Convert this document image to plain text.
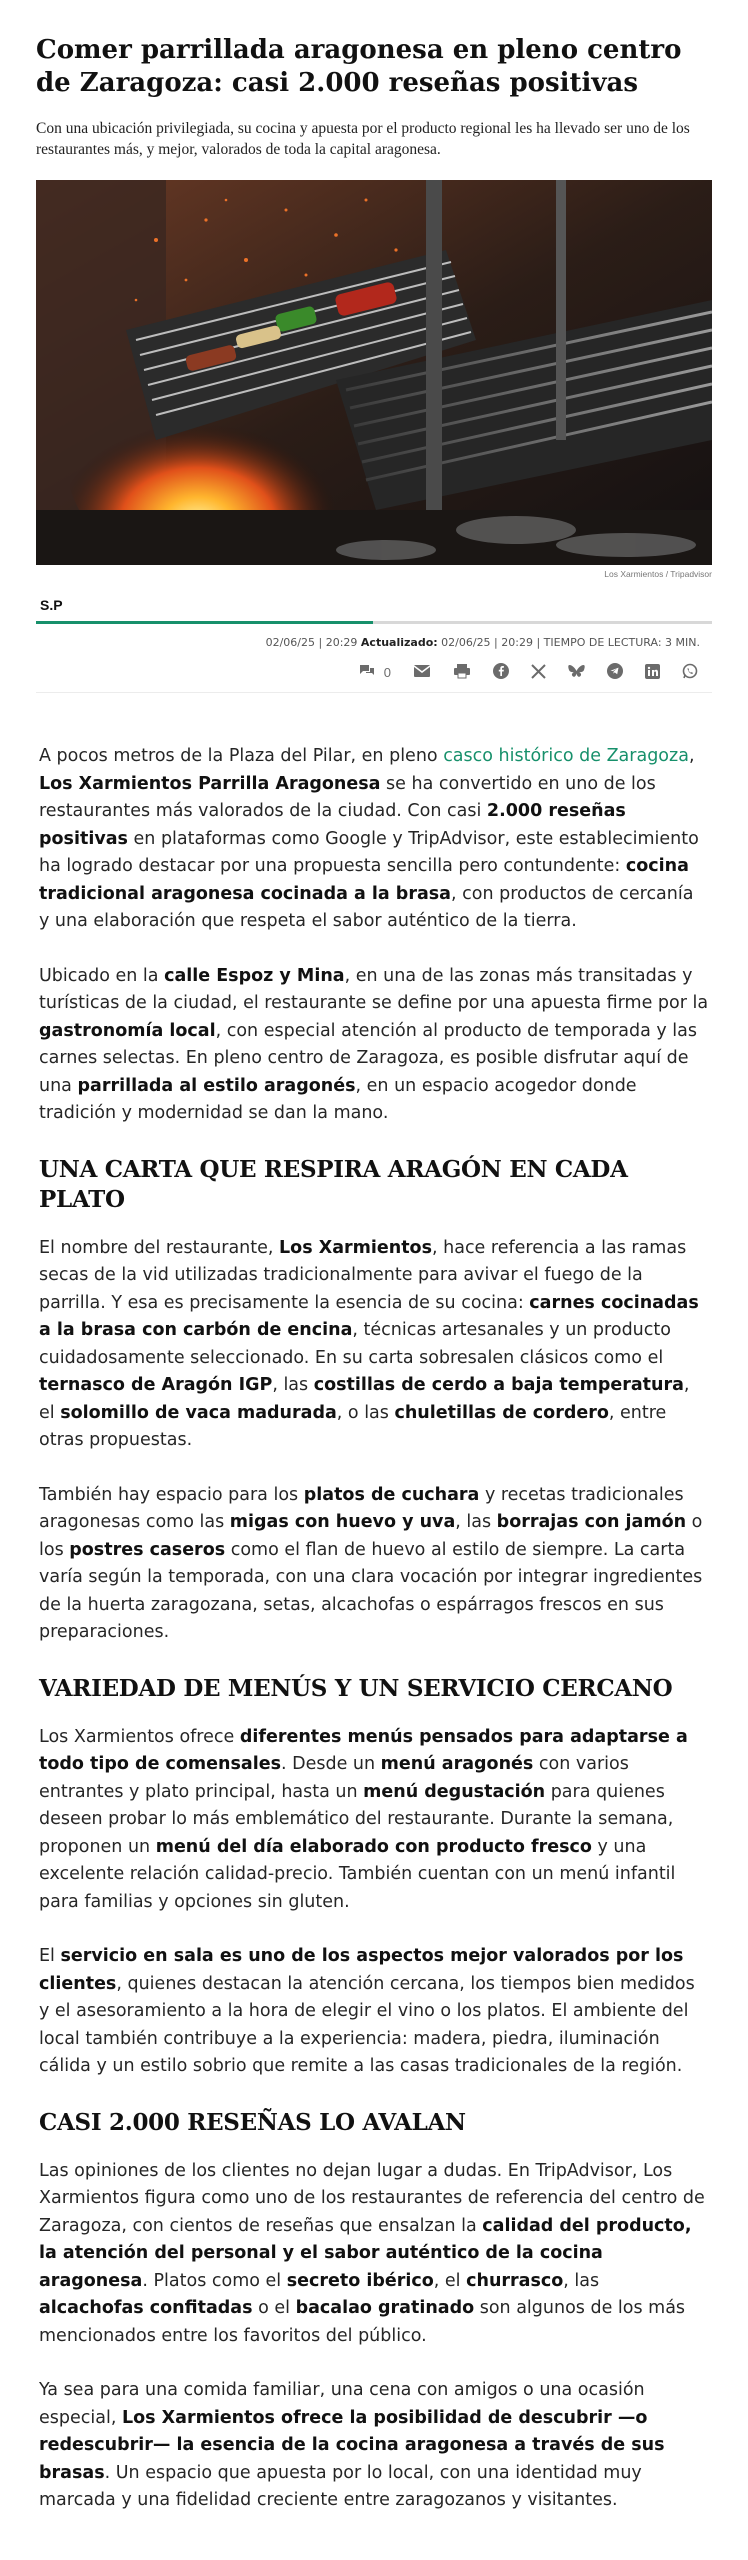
Comer parrillada aragonesa en pleno centro de Zaragoza: casi 2.000 reseñas positivas

Con una ubicación privilegiada, su cocina y apuesta por el producto regional les ha llevado ser uno de los restaurantes más, y mejor, valorados de toda la capital aragonesa.

Los Xarmientos / Tripadvisor
S.P
02/06/25 | 20:29 Actualizado: 02/06/25 | 20:29 | TIEMPO DE LECTURA: 3 MIN.
0

A pocos metros de la Plaza del Pilar, en pleno casco histórico de Zaragoza, Los Xarmientos Parrilla Aragonesa se ha convertido en uno de los restaurantes más valorados de la ciudad. Con casi 2.000 reseñas positivas en plataformas como Google y TripAdvisor, este establecimiento ha logrado destacar por una propuesta sencilla pero contundente: cocina tradicional aragonesa cocinada a la brasa, con productos de cercanía y una elaboración que respeta el sabor auténtico de la tierra.

Ubicado en la calle Espoz y Mina, en una de las zonas más transitadas y turísticas de la ciudad, el restaurante se define por una apuesta firme por la gastronomía local, con especial atención al producto de temporada y las carnes selectas. En pleno centro de Zaragoza, es posible disfrutar aquí de una parrillada al estilo aragonés, en un espacio acogedor donde tradición y modernidad se dan la mano.

UNA CARTA QUE RESPIRA ARAGÓN EN CADA PLATO

El nombre del restaurante, Los Xarmientos, hace referencia a las ramas secas de la vid utilizadas tradicionalmente para avivar el fuego de la parrilla. Y esa es precisamente la esencia de su cocina: carnes cocinadas a la brasa con carbón de encina, técnicas artesanales y un producto cuidadosamente seleccionado. En su carta sobresalen clásicos como el ternasco de Aragón IGP, las costillas de cerdo a baja temperatura, el solomillo de vaca madurada, o las chuletillas de cordero, entre otras propuestas.

También hay espacio para los platos de cuchara y recetas tradicionales aragonesas como las migas con huevo y uva, las borrajas con jamón o los postres caseros como el flan de huevo al estilo de siempre. La carta varía según la temporada, con una clara vocación por integrar ingredientes de la huerta zaragozana, setas, alcachofas o espárragos frescos en sus preparaciones.

VARIEDAD DE MENÚS Y UN SERVICIO CERCANO

Los Xarmientos ofrece diferentes menús pensados para adaptarse a todo tipo de comensales. Desde un menú aragonés con varios entrantes y plato principal, hasta un menú degustación para quienes deseen probar lo más emblemático del restaurante. Durante la semana, proponen un menú del día elaborado con producto fresco y una excelente relación calidad-precio. También cuentan con un menú infantil para familias y opciones sin gluten.

El servicio en sala es uno de los aspectos mejor valorados por los clientes, quienes destacan la atención cercana, los tiempos bien medidos y el asesoramiento a la hora de elegir el vino o los platos. El ambiente del local también contribuye a la experiencia: madera, piedra, iluminación cálida y un estilo sobrio que remite a las casas tradicionales de la región.

CASI 2.000 RESEÑAS LO AVALAN

Las opiniones de los clientes no dejan lugar a dudas. En TripAdvisor, Los Xarmientos figura como uno de los restaurantes de referencia del centro de Zaragoza, con cientos de reseñas que ensalzan la calidad del producto, la atención del personal y el sabor auténtico de la cocina aragonesa. Platos como el secreto ibérico, el churrasco, las alcachofas confitadas o el bacalao gratinado son algunos de los más mencionados entre los favoritos del público.

Ya sea para una comida familiar, una cena con amigos o una ocasión especial, Los Xarmientos ofrece la posibilidad de descubrir —o redescubrir— la esencia de la cocina aragonesa a través de sus brasas. Un espacio que apuesta por lo local, con una identidad muy marcada y una fidelidad creciente entre zaragozanos y visitantes.
